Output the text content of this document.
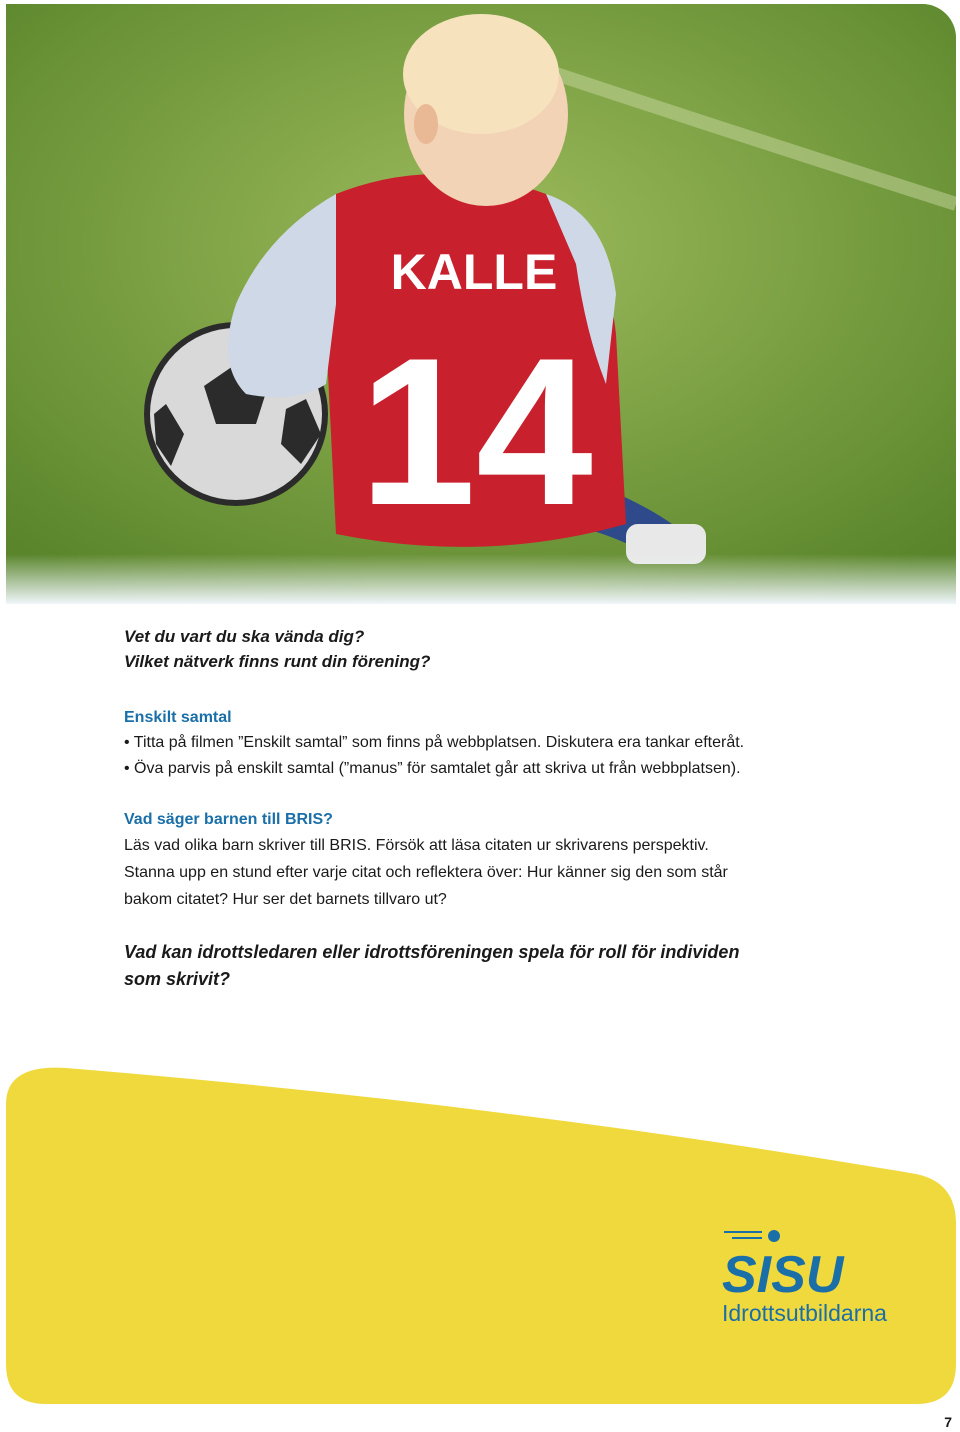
KALLE
14

Vet du vart du ska vända dig?

Vilket nätverk finns runt din förening?

Enskilt samtal

• Titta på filmen ”Enskilt samtal” som finns på webbplatsen. Diskutera era tankar efteråt.
• Öva parvis på enskilt samtal (”manus” för samtalet går att skriva ut från webbplatsen).

Vad säger barnen till BRIS?

Läs vad olika barn skriver till BRIS. Försök att läsa citaten ur skrivarens perspektiv.

Stanna upp en stund efter varje citat och reflektera över: Hur känner sig den som står

bakom citatet? Hur ser det barnets tillvaro ut?

Vad kan idrottsledaren eller idrottsföreningen spela för roll för individen

som skrivit?

SISU
Idrottsutbildarna
7
